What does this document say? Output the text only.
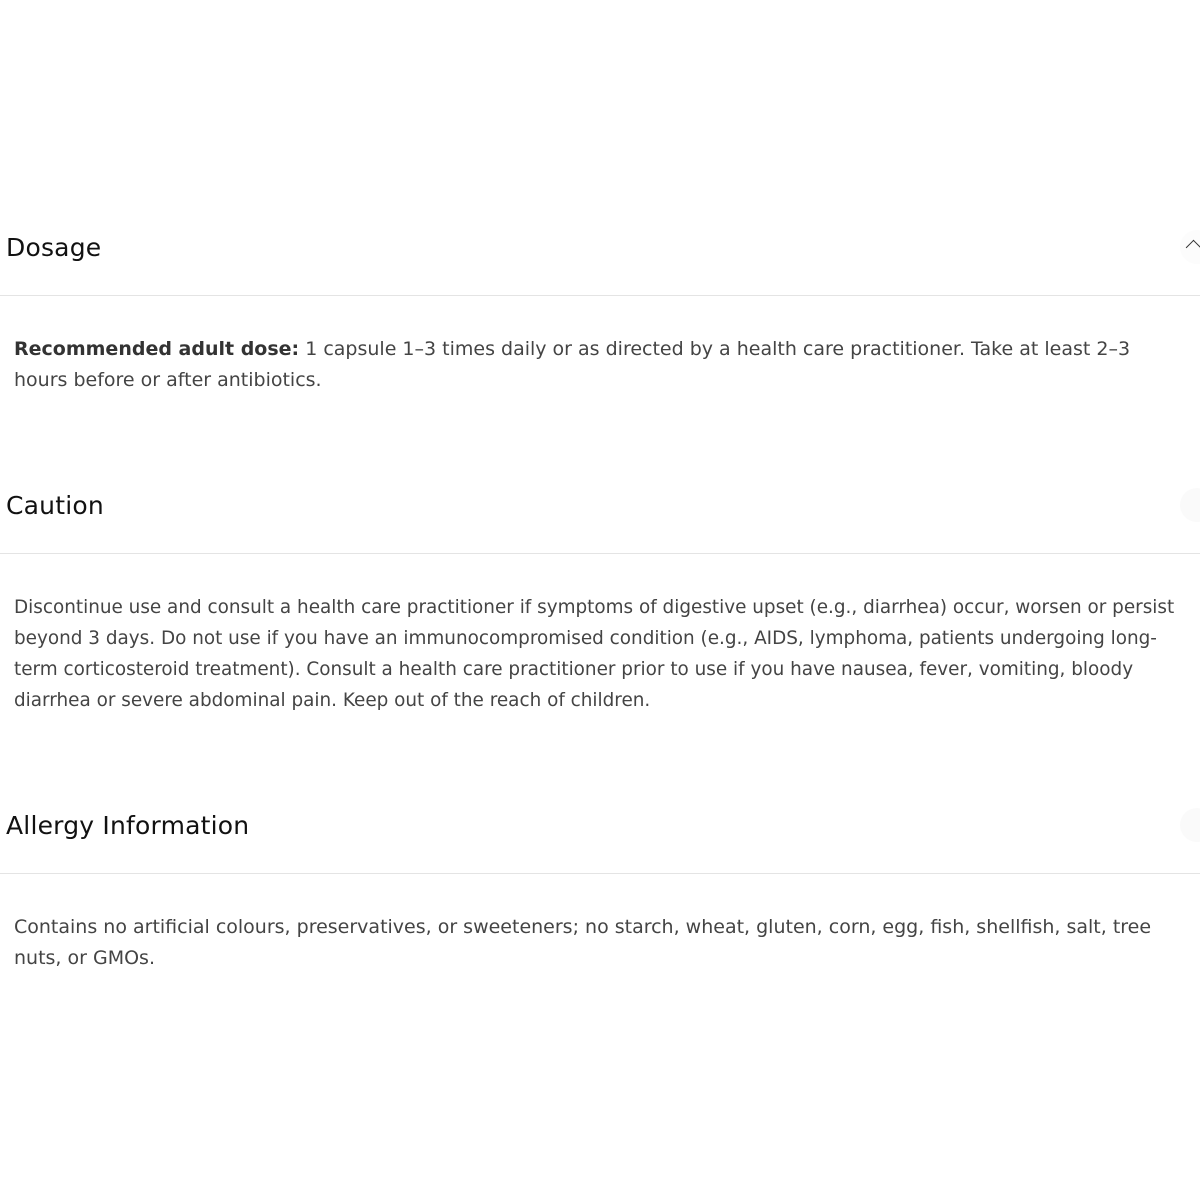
Dosage

Recommended adult dose: 1 capsule 1–3 times daily or as directed by a health care practitioner. Take at least 2–3 hours before or after antibiotics.

Caution

Discontinue use and consult a health care practitioner if symptoms of digestive upset (e.g., diarrhea) occur, worsen or persist beyond 3 days. Do not use if you have an immunocompromised condition (e.g., AIDS, lymphoma, patients undergoing long-term corticosteroid treatment). Consult a health care practitioner prior to use if you have nausea, fever, vomiting, bloody diarrhea or severe abdominal pain. Keep out of the reach of children.

Allergy Information

Contains no artificial colours, preservatives, or sweeteners; no starch, wheat, gluten, corn, egg, fish, shellfish, salt, tree nuts, or GMOs.
